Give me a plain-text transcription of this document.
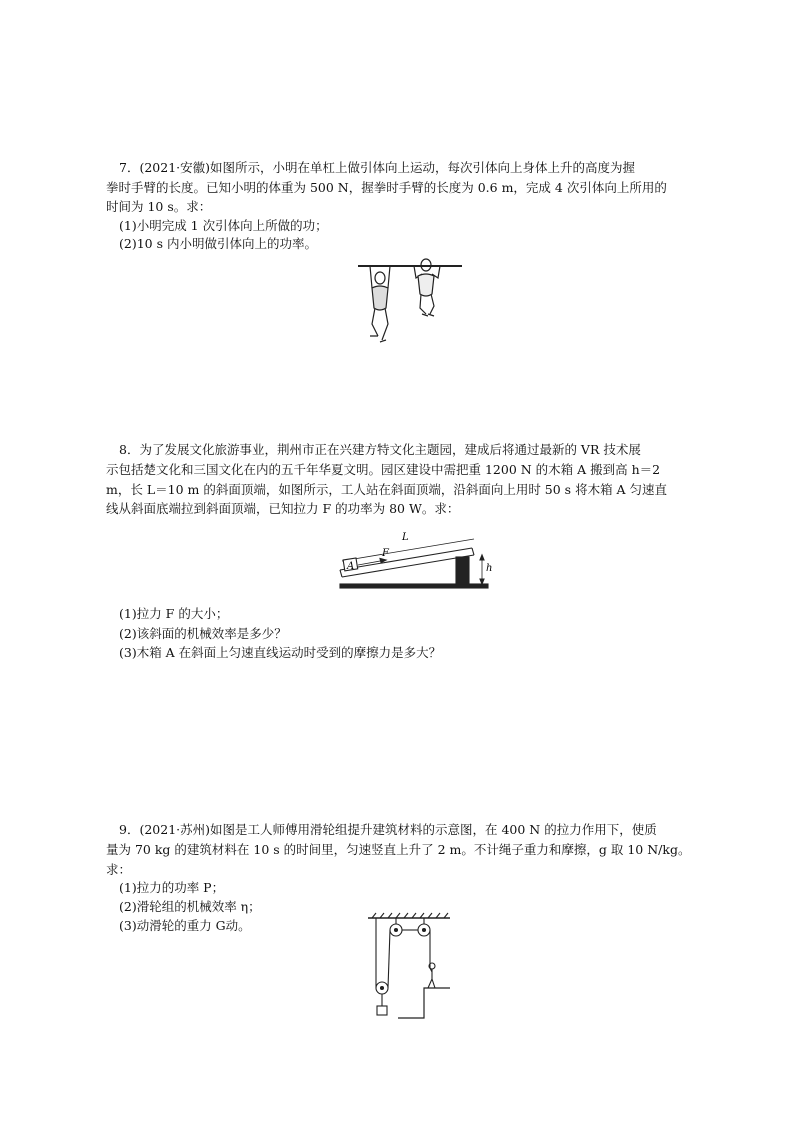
7．(2021·安徽)如图所示，小明在单杠上做引体向上运动，每次引体向上身体上升的高度为握
拳时手臂的长度。已知小明的体重为 500 N，握拳时手臂的长度为 0.6 m，完成 4 次引体向上所用的
时间为 10 s。求：
(1)小明完成 1 次引体向上所做的功；
(2)10 s 内小明做引体向上的功率。
8．为了发展文化旅游事业，荆州市正在兴建方特文化主题园，建成后将通过最新的 VR 技术展
示包括楚文化和三国文化在内的五千年华夏文明。园区建设中需把重 1200 N 的木箱 A 搬到高 h＝2
m，长 L＝10 m 的斜面顶端，如图所示，工人站在斜面顶端，沿斜面向上用时 50 s 将木箱 A 匀速直
线从斜面底端拉到斜面顶端，已知拉力 F 的功率为 80 W。求：
L
F
A	h
(1)拉力 F 的大小；
(2)该斜面的机械效率是多少？
(3)木箱 A 在斜面上匀速直线运动时受到的摩擦力是多大？
9．(2021·苏州)如图是工人师傅用滑轮组提升建筑材料的示意图，在 400 N 的拉力作用下，使质
量为 70 kg 的建筑材料在 10 s 的时间里，匀速竖直上升了 2 m。不计绳子重力和摩擦，g 取 10 N/kg。
求：
(1)拉力的功率 P；
(2)滑轮组的机械效率 η；
(3)动滑轮的重力 G动。
